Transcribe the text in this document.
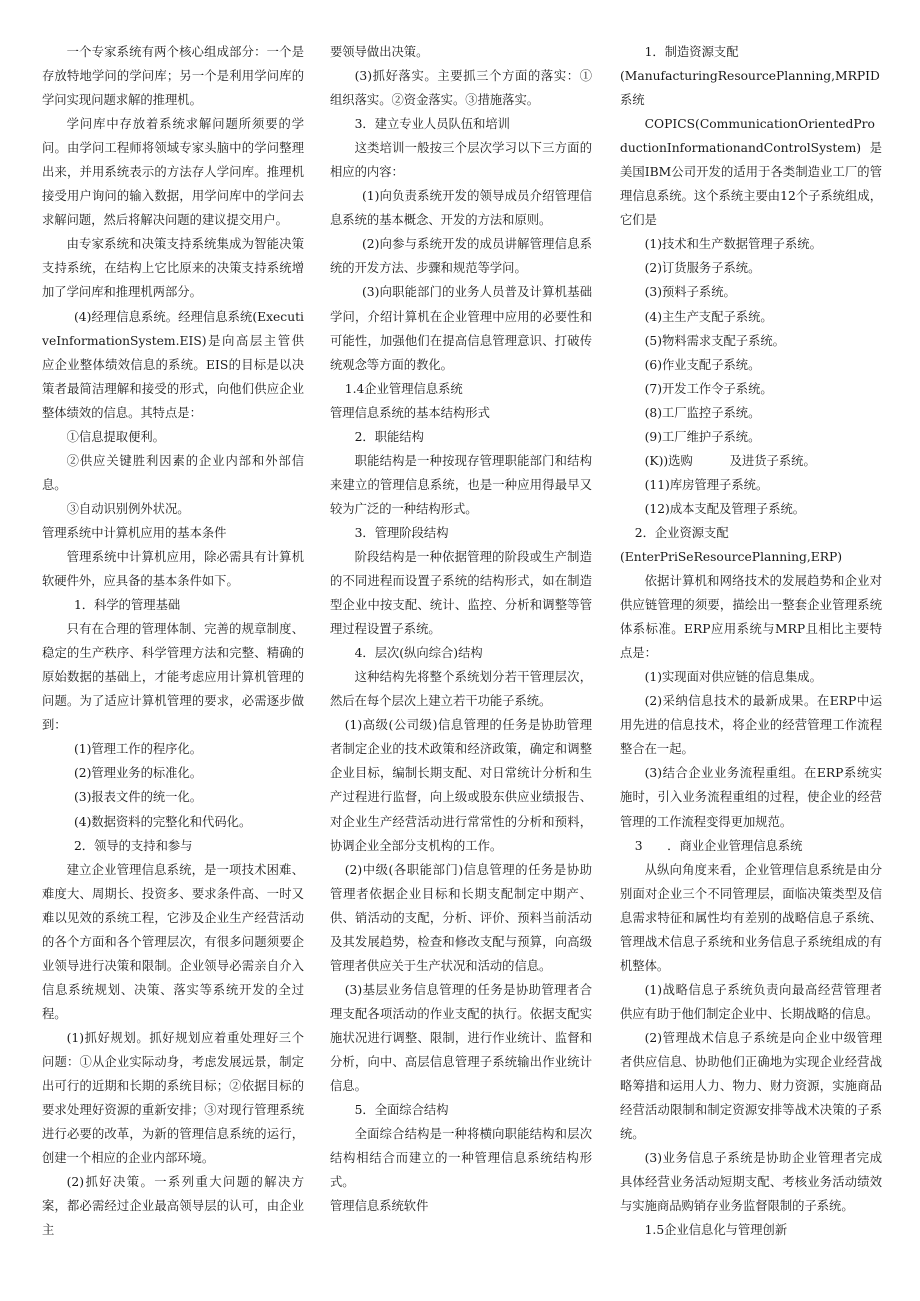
一个专家系统有两个核心组成部分：一个是存放特地学问的学问库；另一个是利用学问库的学问实现问题求解的推理机。

学问库中存放着系统求解问题所须要的学问。由学问工程师将领域专家头脑中的学问整理出来，并用系统表示的方法存人学问库。推理机接受用户询问的输入数据，用学问库中的学问去求解问题，然后将解决问题的建议提交用户。

由专家系统和决策支持系统集成为智能决策支持系统，在结构上它比原来的决策支持系统增加了学问库和推理机两部分。

(4)经理信息系统。经理信息系统(ExecutiveInformationSystem.EIS)是向高层主管供应企业整体绩效信息的系统。EIS的目标是以决策者最简洁理解和接受的形式，向他们供应企业整体绩效的信息。其特点是：

①信息提取便利。

②供应关键胜利因素的企业内部和外部信息。

③自动识别例外状况。

管理系统中计算机应用的基本条件

管理系统中计算机应用，除必需具有计算机软硬件外，应具备的基本条件如下。

1．科学的管理基础

只有在合理的管理体制、完善的规章制度、稳定的生产秩序、科学管理方法和完整、精确的原始数据的基础上，才能考虑应用计算机管理的问题。为了适应计算机管理的要求，必需逐步做到：

(1)管理工作的程序化。

(2)管理业务的标准化。

(3)报表文件的统一化。

(4)数据资料的完整化和代码化。

2．领导的支持和参与

建立企业管理信息系统，是一项技术困难、难度大、周期长、投资多、要求条件高、一时又难以见效的系统工程，它涉及企业生产经营活动的各个方面和各个管理层次，有很多问题须要企业领导进行决策和限制。企业领导必需亲自介入信息系统规划、决策、落实等系统开发的全过程。

(1)抓好规划。抓好规划应着重处理好三个问题：①从企业实际动身，考虑发展远景，制定出可行的近期和长期的系统目标；②依据目标的要求处理好资源的重新安排；③对现行管理系统进行必要的改革，为新的管理信息系统的运行，创建一个相应的企业内部环境。

(2)抓好决策。一系列重大问题的解决方案，都必需经过企业最高领导层的认可，由企业主

要领导做出决策。

(3)抓好落实。主要抓三个方面的落实：①组织落实。②资金落实。③措施落实。

3．建立专业人员队伍和培训

这类培训一般按三个层次学习以下三方面的相应的内容：

(1)向负责系统开发的领导成员介绍管理信息系统的基本概念、开发的方法和原则。

(2)向参与系统开发的成员讲解管理信息系统的开发方法、步骤和规范等学问。

(3)向职能部门的业务人员普及计算机基础学问，介绍计算机在企业管理中应用的必要性和可能性，加强他们在提高信息管理意识、打破传统观念等方面的教化。

1.4企业管理信息系统

管理信息系统的基本结构形式

2．职能结构

职能结构是一种按现存管理职能部门和结构来建立的管理信息系统，也是一种应用得最早又较为广泛的一种结构形式。

3．管理阶段结构

阶段结构是一种依据管理的阶段或生产制造的不同进程而设置子系统的结构形式，如在制造型企业中按支配、统计、监控、分析和调整等管理过程设置子系统。

4．层次(纵向综合)结构

这种结构先将整个系统划分若干管理层次，然后在每个层次上建立若干功能子系统。

(1)高级(公司级)信息管理的任务是协助管理者制定企业的技术政策和经济政策，确定和调整企业目标，编制长期支配、对日常统计分析和生产过程进行监督，向上级或股东供应业绩报告、对企业生产经营活动进行常常性的分析和预料，协调企业全部分支机构的工作。

(2)中级(各职能部门)信息管理的任务是协助管理者依据企业目标和长期支配制定中期产、供、销活动的支配，分析、评价、预料当前活动及其发展趋势，检查和修改支配与预算，向高级管理者供应关于生产状况和活动的信息。

(3)基层业务信息管理的任务是协助管理者合理支配各项活动的作业支配的执行。依据支配实施状况进行调整、限制，进行作业统计、监督和分析，向中、高层信息管理子系统输出作业统计信息。

5．全面综合结构

全面综合结构是一种将横向职能结构和层次结构相结合而建立的一种管理信息系统结构形式。

管理信息系统软件

1．制造资源支配

(ManufacturingResourcePlanning,MRPID系统

COPICS(CommunicationOrientedProductionInformationandControlSystem)是美国IBM公司开发的适用于各类制造业工厂的管理信息系统。这个系统主要由12个子系统组成，它们是

(1)技术和生产数据管理子系统。

(2)订货服务子系统。

(3)预料子系统。

(4)主生产支配子系统。

(5)物料需求支配子系统。

(6)作业支配子系统。

(7)开发工作令子系统。

(8)工厂监控子系统。

(9)工厂维护子系统。

(K))选购　　　及进货子系统。

(11)库房管理子系统。

(12)成本支配及管理子系统。

2．企业资源支配

(EnterPriSeResourcePlanning,ERP)

依据计算机和网络技术的发展趋势和企业对供应链管理的须要，描绘出一整套企业管理系统体系标准。ERP应用系统与MRP且相比主要特点是：

(1)实现面对供应链的信息集成。

(2)采纳信息技术的最新成果。在ERP中运用先进的信息技术，将企业的经营管理工作流程整合在一起。

(3)结合企业业务流程重组。在ERP系统实施时，引入业务流程重组的过程，使企业的经营管理的工作流程变得更加规范。

3　　．商业企业管理信息系统

从纵向角度来看，企业管理信息系统是由分别面对企业三个不同管理层，面临决策类型及信息需求特征和属性均有差别的战略信息子系统、管理战术信息子系统和业务信息子系统组成的有机整体。

(1)战略信息子系统负责向最高经营管理者供应有助于他们制定企业中、长期战略的信息。

(2)管理战术信息子系统是向企业中级管理者供应信息、协助他们正确地为实现企业经营战略筹措和运用人力、物力、财力资源，实施商品经营活动限制和制定资源安排等战术决策的子系统。

(3)业务信息子系统是协助企业管理者完成具体经营业务活动短期支配、考核业务活动绩效与实施商品购销存业务监督限制的子系统。

1.5企业信息化与管理创新
